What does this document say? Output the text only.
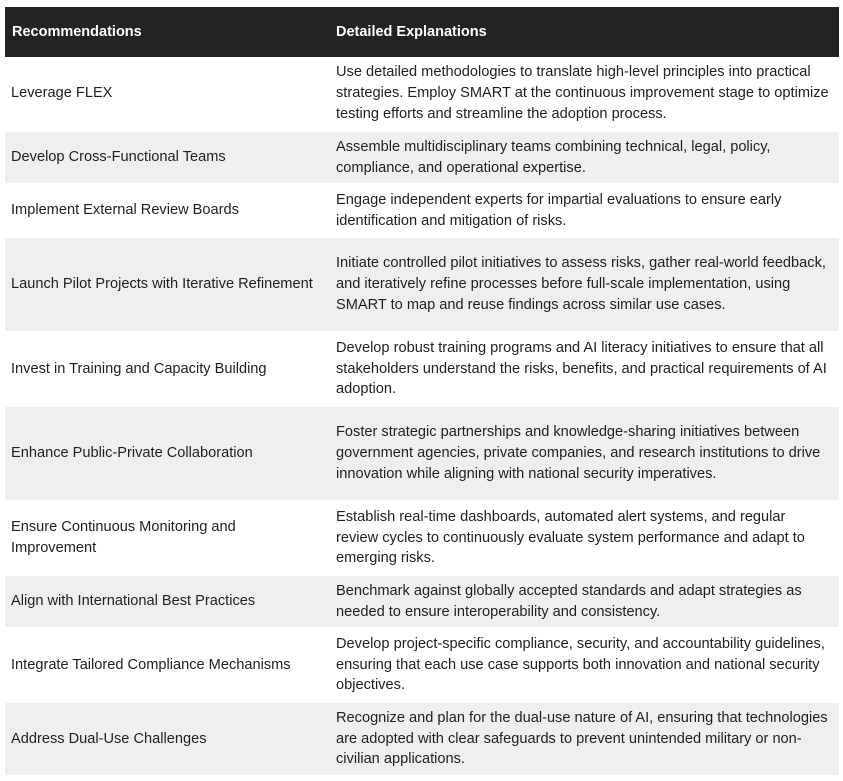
Recommendations	Detailed Explanations
Leverage FLEX	Use detailed methodologies to translate high-level principles into practical strategies. Employ SMART at the continuous improvement stage to optimize testing efforts and streamline the adoption process.
Develop Cross-Functional Teams	Assemble multidisciplinary teams combining technical, legal, policy, compliance, and operational expertise.
Implement External Review Boards	Engage independent experts for impartial evaluations to ensure early identification and mitigation of risks.
Launch Pilot Projects with Iterative Refinement	Initiate controlled pilot initiatives to assess risks, gather real-world feedback, and iteratively refine processes before full-scale implementation, using SMART to map and reuse findings across similar use cases.
Invest in Training and Capacity Building	Develop robust training programs and AI literacy initiatives to ensure that all stakeholders understand the risks, benefits, and practical requirements of AI adoption.
Enhance Public-Private Collaboration	Foster strategic partnerships and knowledge-sharing initiatives between government agencies, private companies, and research institutions to drive innovation while aligning with national security imperatives.
Ensure Continuous Monitoring and Improvement	Establish real-time dashboards, automated alert systems, and regular review cycles to continuously evaluate system performance and adapt to emerging risks.
Align with International Best Practices	Benchmark against globally accepted standards and adapt strategies as needed to ensure interoperability and consistency.
Integrate Tailored Compliance Mechanisms	Develop project-specific compliance, security, and accountability guidelines, ensuring that each use case supports both innovation and national security objectives.
Address Dual-Use Challenges	Recognize and plan for the dual-use nature of AI, ensuring that technologies are adopted with clear safeguards to prevent unintended military or non-civilian applications.
